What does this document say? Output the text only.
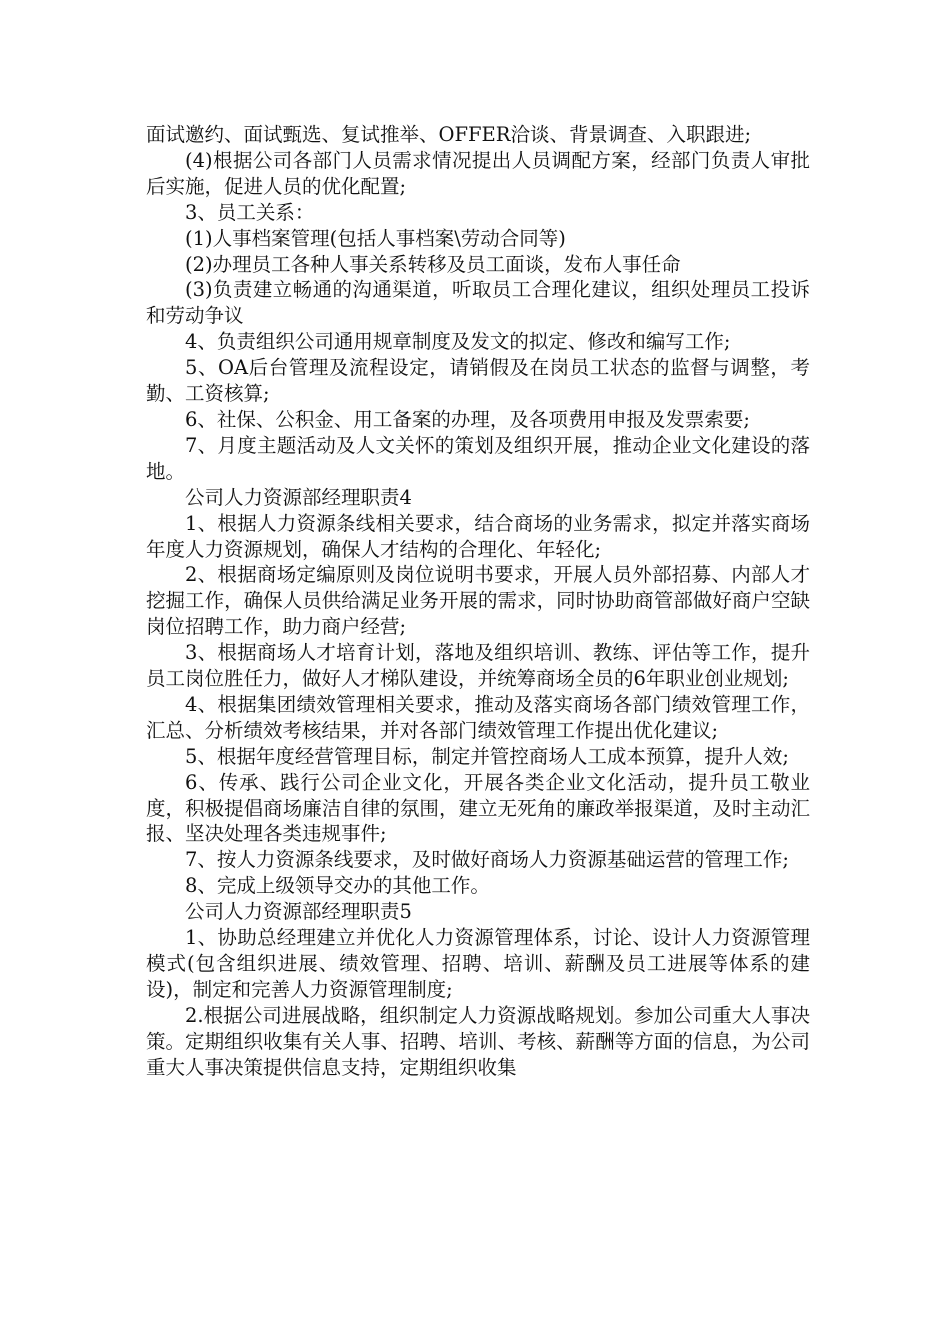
面试邀约、面试甄选、复试推举、OFFER洽谈、背景调查、入职跟进;

(4)根据公司各部门人员需求情况提出人员调配方案，经部门负责人审批后实施，促进人员的优化配置;

3、员工关系：

(1)人事档案管理(包括人事档案\劳动合同等)

(2)办理员工各种人事关系转移及员工面谈，发布人事任命

(3)负责建立畅通的沟通渠道，听取员工合理化建议，组织处理员工投诉和劳动争议

4、负责组织公司通用规章制度及发文的拟定、修改和编写工作;

5、OA后台管理及流程设定，请销假及在岗员工状态的监督与调整，考勤、工资核算;

6、社保、公积金、用工备案的办理，及各项费用申报及发票索要;

7、月度主题活动及人文关怀的策划及组织开展，推动企业文化建设的落地。

公司人力资源部经理职责4

1、根据人力资源条线相关要求，结合商场的业务需求，拟定并落实商场年度人力资源规划，确保人才结构的合理化、年轻化;

2、根据商场定编原则及岗位说明书要求，开展人员外部招募、内部人才挖掘工作，确保人员供给满足业务开展的需求，同时协助商管部做好商户空缺岗位招聘工作，助力商户经营;

3、根据商场人才培育计划，落地及组织培训、教练、评估等工作，提升员工岗位胜任力，做好人才梯队建设，并统筹商场全员的6年职业创业规划;

4、根据集团绩效管理相关要求，推动及落实商场各部门绩效管理工作，汇总、分析绩效考核结果，并对各部门绩效管理工作提出优化建议;

5、根据年度经营管理目标，制定并管控商场人工成本预算，提升人效;

6、传承、践行公司企业文化，开展各类企业文化活动，提升员工敬业度，积极提倡商场廉洁自律的氛围，建立无死角的廉政举报渠道，及时主动汇报、坚决处理各类违规事件;

7、按人力资源条线要求，及时做好商场人力资源基础运营的管理工作;

8、完成上级领导交办的其他工作。

公司人力资源部经理职责5

1、协助总经理建立并优化人力资源管理体系，讨论、设计人力资源管理模式(包含组织进展、绩效管理、招聘、培训、薪酬及员工进展等体系的建设)，制定和完善人力资源管理制度;

2.根据公司进展战略，组织制定人力资源战略规划。参加公司重大人事决策。定期组织收集有关人事、招聘、培训、考核、薪酬等方面的信息，为公司重大人事决策提供信息支持，定期组织收集
